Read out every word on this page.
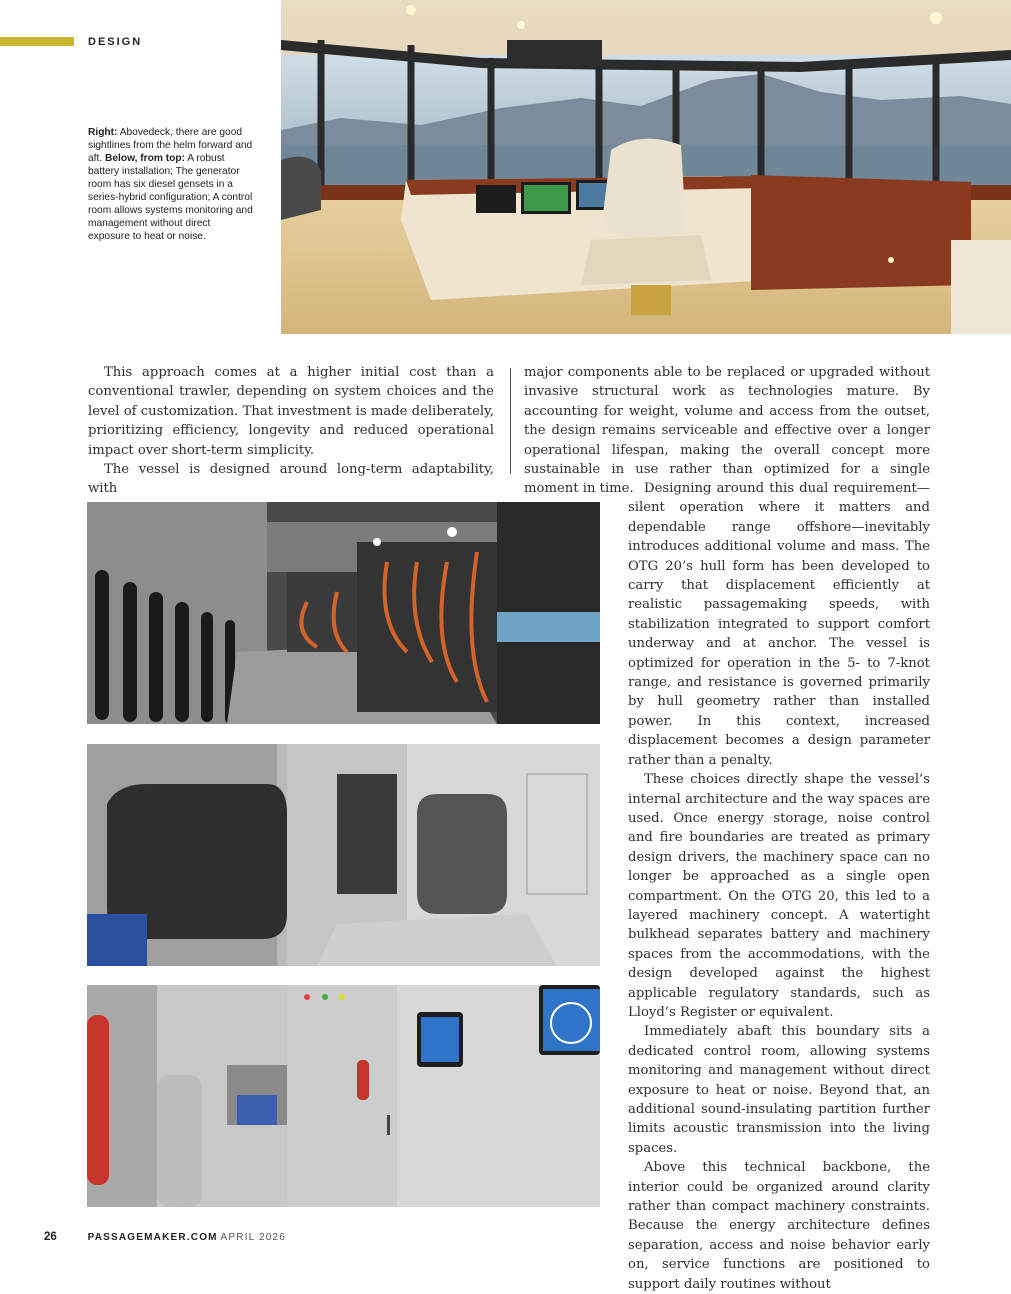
DESIGN
Right: Abovedeck, there are good sightlines from the helm forward and aft. Below, from top: A robust battery installation; The generator room has six diesel gensets in a series-hybrid configuration; A control room allows systems monitoring and management without direct exposure to heat or noise.

This approach comes at a higher initial cost than a conventional trawler, depending on system choices and the level of customization. That investment is made deliberately, prioritizing efficiency, longevity and reduced operational impact over short-term simplicity.

The vessel is designed around long-term adaptability, with

major components able to be replaced or upgraded without invasive structural work as technologies mature. By accounting for weight, volume and access from the outset, the design remains serviceable and effective over a longer operational lifespan, making the overall concept more sustainable in use rather than optimized for a single moment in time. Designing around this dual requirement—silent operation where it matters and dependable range offshore—inevitably introduces additional volume and mass. The OTG 20’s hull form has been developed to carry that displacement efficiently at realistic passagemaking speeds, with stabilization integrated to support comfort underway and at anchor. The vessel is optimized for operation in the 5- to 7-knot range, and resistance is governed primarily by hull geometry rather than installed power. In this context, increased displacement becomes a design parameter rather than a penalty.

These choices directly shape the vessel’s internal architecture and the way spaces are used. Once energy storage, noise control and fire boundaries are treated as primary design drivers, the machinery space can no longer be approached as a single open compartment. On the OTG 20, this led to a layered machinery concept. A watertight bulkhead separates battery and machinery spaces from the accommodations, with the design developed against the highest applicable regulatory standards, such as Lloyd’s Register or equivalent.

Immediately abaft this boundary sits a dedicated control room, allowing systems monitoring and management without direct exposure to heat or noise. Beyond that, an additional sound-insulating partition further limits acoustic transmission into the living spaces.

Above this technical backbone, the interior could be organized around clarity rather than compact machinery constraints. Because the energy architecture defines separation, access and noise behavior early on, service functions are positioned to support daily routines without

26	PASSAGEMAKER.COM APRIL 2026
